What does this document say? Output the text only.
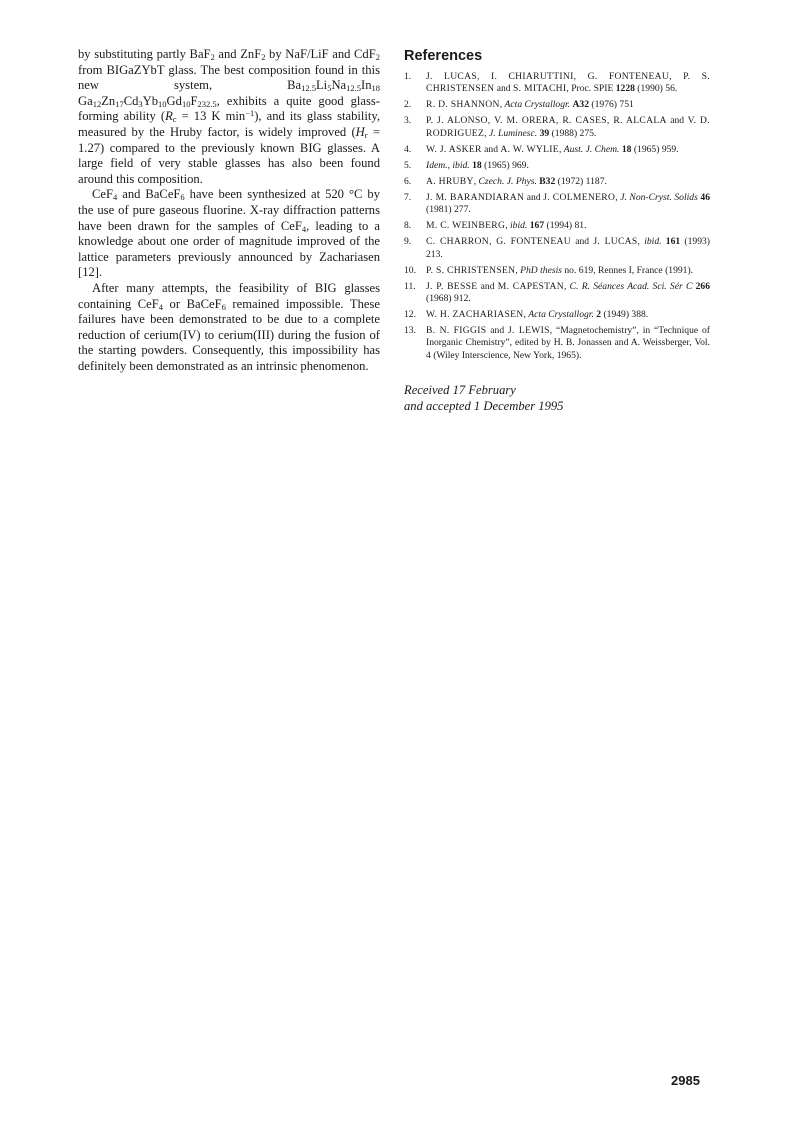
by substituting partly BaF$_2$ and ZnF$_2$ by NaF/LiF and CdF$_2$ from BIGaZYbT glass. The best composition found in this new system, $Ba_{12.5}Li_5Na_{12.5}In_{18}$ $Ga_{12}Zn_{17}Cd_3Yb_{10}Gd_{10}F_{232.5}$, exhibits a quite good glass-forming ability ($R_c = 13$ K $\min^{-1}$), and its glass stability, measured by the Hruby factor, is widely improved $(H_r = 1.27)$ compared to the previously known BIG glasses. A large field of very stable glasses has also been found around this composition.

CeF$_4$ and BaCeF$_6$ have been synthesized at 520 °C by the use of pure gaseous fluorine. X-ray diffraction patterns have been drawn for the samples of CeF$_4$, leading to a knowledge about one order of magnitude improved of the lattice parameters previously announced by Zachariasen [12].

After many attempts, the feasibility of BIG glasses containing CeF$_4$ or BaCeF$_6$ remained impossible. These failures have been demonstrated to be due to a complete reduction of cerium(IV) to cerium(III) during the fusion of the starting powders. Consequently, this impossibility has definitely been demonstrated as an intrinsic phenomenon.

References
1.	J. LUCAS, I. CHIARUTTINI, G. FONTENEAU, P. S. CHRISTENSEN and S. MITACHI, Proc. SPIE 1228 (1990) 56.
2.	R. D. SHANNON, Acta Crystallogr. A32 (1976) 751
3.	P. J. ALONSO, V. M. ORERA, R. CASES, R. ALCALA and V. D. RODRIGUEZ, J. Luminesc. 39 (1988) 275.
4.	W. J. ASKER and A. W. WYLIE, Aust. J. Chem. 18 (1965) 959.
5.	Idem., ibid. 18 (1965) 969.
6.	A. HRUBY, Czech. J. Phys. B32 (1972) 1187.
7.	J. M. BARANDIARAN and J. COLMENERO, J. Non-Cryst. Solids 46 (1981) 277.
8.	M. C. WEINBERG, ibid. 167 (1994) 81.
9.	C. CHARRON, G. FONTENEAU and J. LUCAS, ibid. 161 (1993) 213.
10.	P. S. CHRISTENSEN, PhD thesis no. 619, Rennes I, France (1991).
11.	J. P. BESSE and M. CAPESTAN, C. R. Séances Acad. Sci. Sér C 266 (1968) 912.
12.	W. H. ZACHARIASEN, Acta Crystallogr. 2 (1949) 388.
13.	B. N. FIGGIS and J. LEWIS, “Magnetochemistry”, in “Technique of Inorganic Chemistry”, edited by H. B. Jonassen and A. Weissberger, Vol. 4 (Wiley Interscience, New York, 1965).
Received 17 February
and accepted 1 December 1995
2985
